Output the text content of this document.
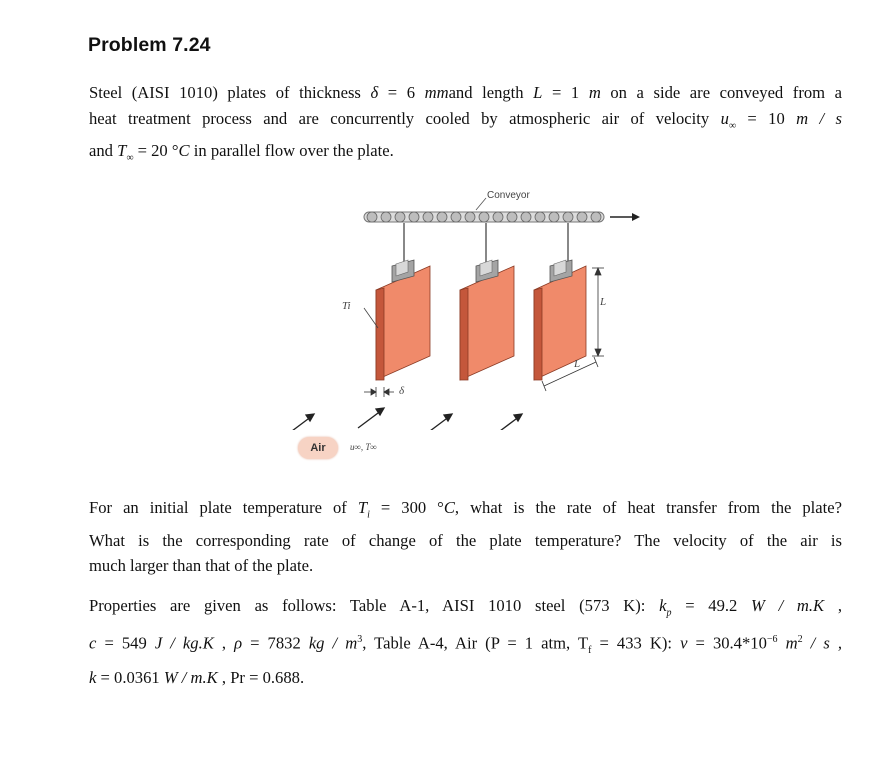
Problem 7.24
Steel (AISI 1010) plates of thickness δ = 6 mmand length L = 1 m on a side are conveyed from a
heat treatment process and are concurrently cooled by atmospheric air of velocity $u_\infty = 10$ m / s
and $T_\infty = 20$ °C in parallel flow over the plate.
Conveyor
Ti	L
L
δ
Air	u∞, T∞
For an initial plate temperature of $T_i = 300$ °C, what is the rate of heat transfer from the plate?
What is the corresponding rate of change of the plate temperature? The velocity of the air is
much larger than that of the plate.
Properties are given as follows: Table A-1, AISI 1010 steel (573 K): $k_p = 49.2$ W / m.K ,
c = 549 J / kg.K , ρ = 7832 kg / $m^3$, Table A-4, Air (P = 1 atm, $T_f = 433$ K): $\nu = 30.4*10^{-6}$ $m^2$ / s ,
k = 0.0361 W / m.K , Pr = 0.688.
